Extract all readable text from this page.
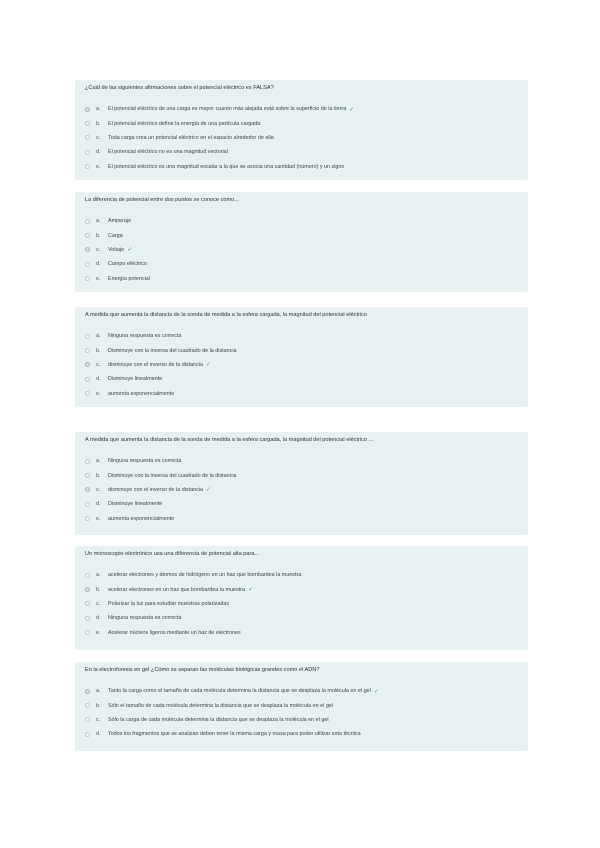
¿Cuál de las siguientes afirmaciones sobre el potencial eléctrico es FALSA?
a.	El potencial eléctrico de una carga es mayor cuanto más alejada está sobre la superficie de la tierra ✓
b.	El potencial eléctrico define la energía de una partícula cargada
c.	Toda carga crea un potencial eléctrico en el espacio alrededor de ella
d.	El potencial eléctrico no es una magnitud vectorial
e.	El potencial eléctrico es una magnitud escalar a la que se asocia una cantidad (número) y un signo
La diferencia de potencial entre dos puntos se conoce como...
a.	Amperaje
b.	Carga
c.	Voltaje ✓
d.	Campo eléctrico
e.	Energía potencial
A medida que aumenta la distancia de la sonda de medida a la esfera cargada, la magnitud del potencial eléctrico
a.	Ninguna respuesta es correcta
b.	Disminuye con la inversa del cuadrado de la distancia
c.	disminuye con el inverso de la distancia ✓
d.	Disminuye linealmente
e.	aumenta exponencialmente
A medida que aumenta la distancia de la sonda de medida a la esfera cargada, la magnitud del potencial eléctrico ...
a.	Ninguna respuesta es correcta
b.	Disminuye con la inversa del cuadrado de la distancia
c.	disminuye con el inverso de la distancia ✓
d.	Disminuye linealmente
e.	aumenta exponencialmente
Un microscopio electrónico usa una diferencia de potencial alta para...
a.	acelerar electrones y átomos de hidrógeno en un haz que bombardea la muestra
b.	acelerar electrones en un haz que bombardea la muestra ✓
c.	Polarizar la luz para estudiar muestras polarizadas
d.	Ninguna respuesta es correcta
e.	Acelerar núcleos ligeros mediante un haz de electrones
En la electroforesis en gel ¿Cómo se separan las moléculas biológicas grandes como el ADN?
a.	Tanto la carga como el tamaño de cada molécula determina la distancia que se desplaza la molécula en el gel ✓
b.	Sólo el tamaño de cada molécula determina la distancia que se desplaza la molécula en el gel
c.	Sólo la carga de cada molécula determina la distancia que se desplaza la molécula en el gel
d.	Todos los fragmentos que se analizan deben tener la misma carga y masa para poder utilizar esta técnica
